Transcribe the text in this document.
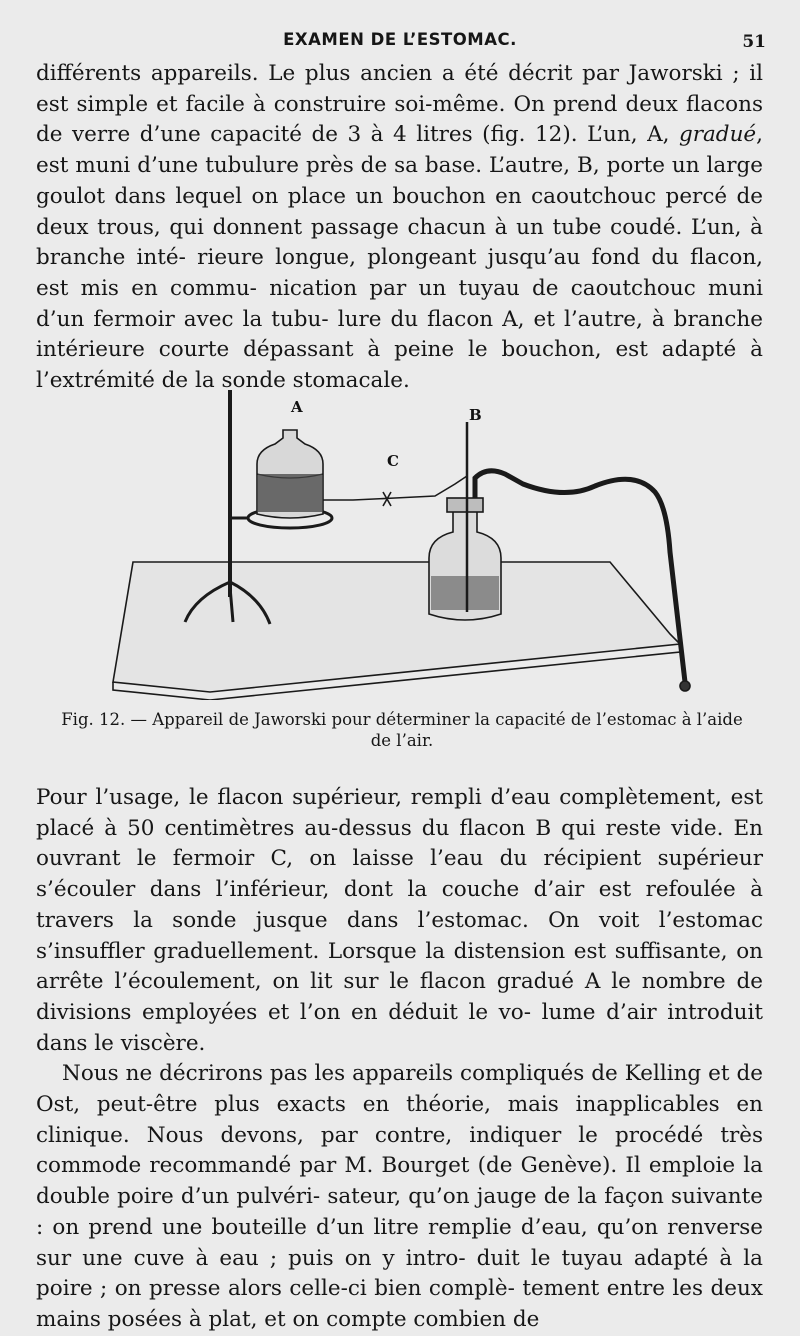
EXAMEN DE L’ESTOMAC.	51

différents appareils. Le plus ancien a été décrit par Jaworski ; il est simple et facile à construire soi-même. On prend deux flacons de verre d’une capacité de 3 à 4 litres (fig. 12). L’un, A, gradué, est muni d’une tubulure près de sa base. L’autre, B, porte un large goulot dans lequel on place un bouchon en caoutchouc percé de deux trous, qui donnent passage chacun à un tube coudé. L’un, à branche inté- rieure longue, plongeant jusqu’au fond du flacon, est mis en commu- nication par un tuyau de caoutchouc muni d’un fermoir avec la tubu- lure du flacon A, et l’autre, à branche intérieure courte dépassant à peine le bouchon, est adapté à l’extrémité de la sonde stomacale.

A	B
C
Fig. 12. — Appareil de Jaworski pour déterminer la capacité de l’estomac à l’aide
de l’air.

Pour l’usage, le flacon supérieur, rempli d’eau complètement, est placé à 50 centimètres au-dessus du flacon B qui reste vide. En ouvrant le fermoir C, on laisse l’eau du récipient supérieur s’écouler dans l’inférieur, dont la couche d’air est refoulée à travers la sonde jusque dans l’estomac. On voit l’estomac s’insuffler graduellement. Lorsque la distension est suffisante, on arrête l’écoulement, on lit sur le flacon gradué A le nombre de divisions employées et l’on en déduit le vo- lume d’air introduit dans le viscère.

Nous ne décrirons pas les appareils compliqués de Kelling et de Ost, peut-être plus exacts en théorie, mais inapplicables en clinique. Nous devons, par contre, indiquer le procédé très commode recommandé par M. Bourget (de Genève). Il emploie la double poire d’un pulvéri- sateur, qu’on jauge de la façon suivante : on prend une bouteille d’un litre remplie d’eau, qu’on renverse sur une cuve à eau ; puis on y intro- duit le tuyau adapté à la poire ; on presse alors celle-ci bien complè- tement entre les deux mains posées à plat, et on compte combien de
